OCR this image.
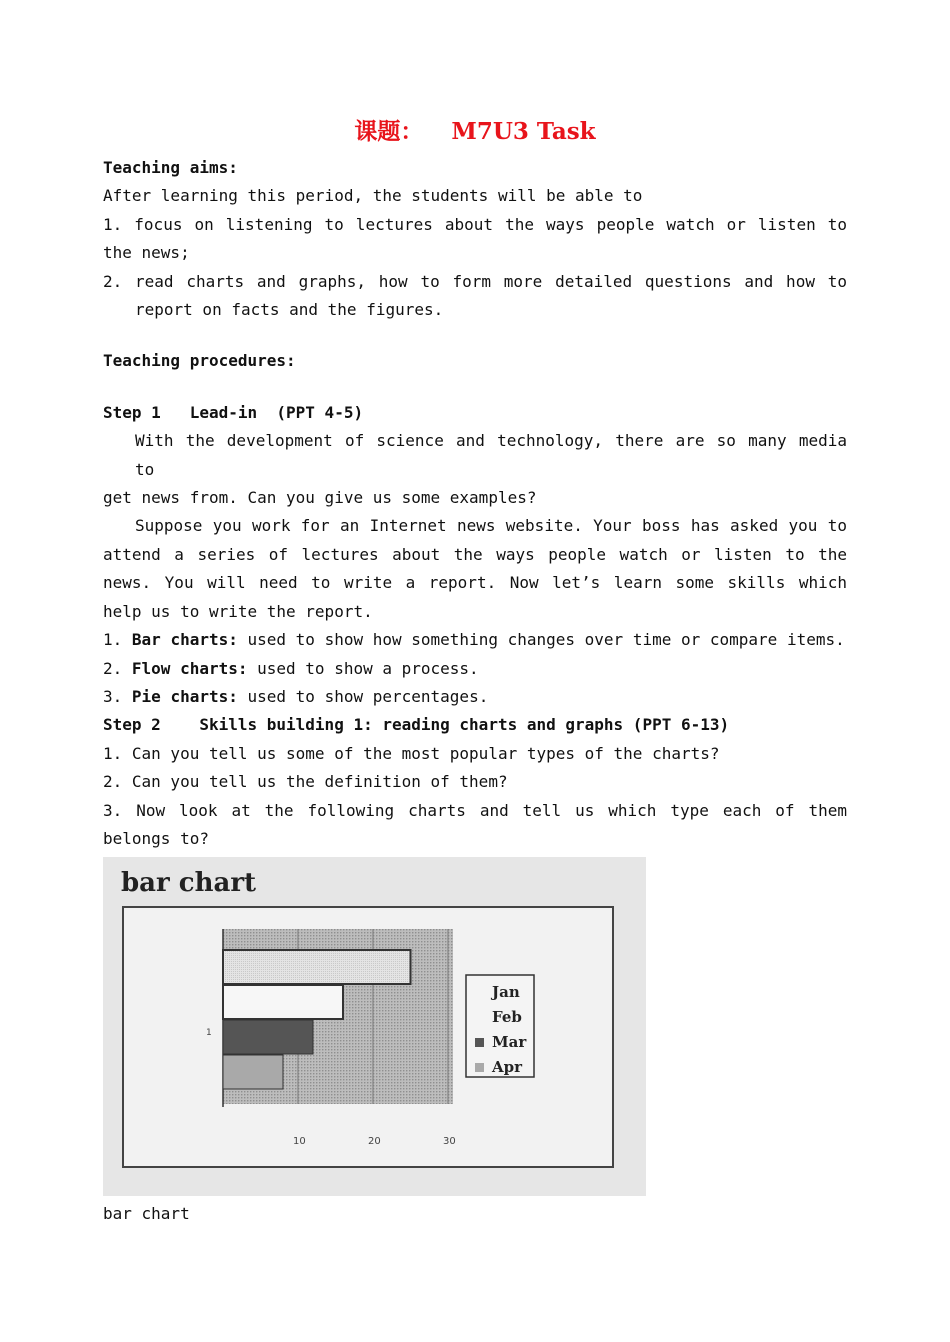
课题： M7U3 Task

Teaching aims:

After learning this period, the students will be able to

1. focus on listening to lectures about the ways people watch or listen to

the news;

2. read charts and graphs, how to form more detailed questions and how to

report on facts and the figures.

Teaching procedures:

Step 1   Lead-in  (PPT 4-5)

With the development of science and technology, there are so many media to

get news from. Can you give us some examples?

Suppose you work for an Internet news website. Your boss has asked you to

attend a series of lectures about the ways people watch or listen to the

news. You will need to write a report. Now let’s learn some skills which

help us to write the report.

1. Bar charts: used to show how something changes over time or compare items.

2. Flow charts: used to show a process.

3. Pie charts: used to show percentages.

Step 2    Skills building 1: reading charts and graphs (PPT 6-13)

1. Can you tell us some of the most popular types of the charts?

2. Can you tell us the definition of them?

3. Now look at the following charts and tell us which type each of them

belongs to?

bar chart
1
10	20	30
Jan
Feb
Mar
Apr

bar chart
